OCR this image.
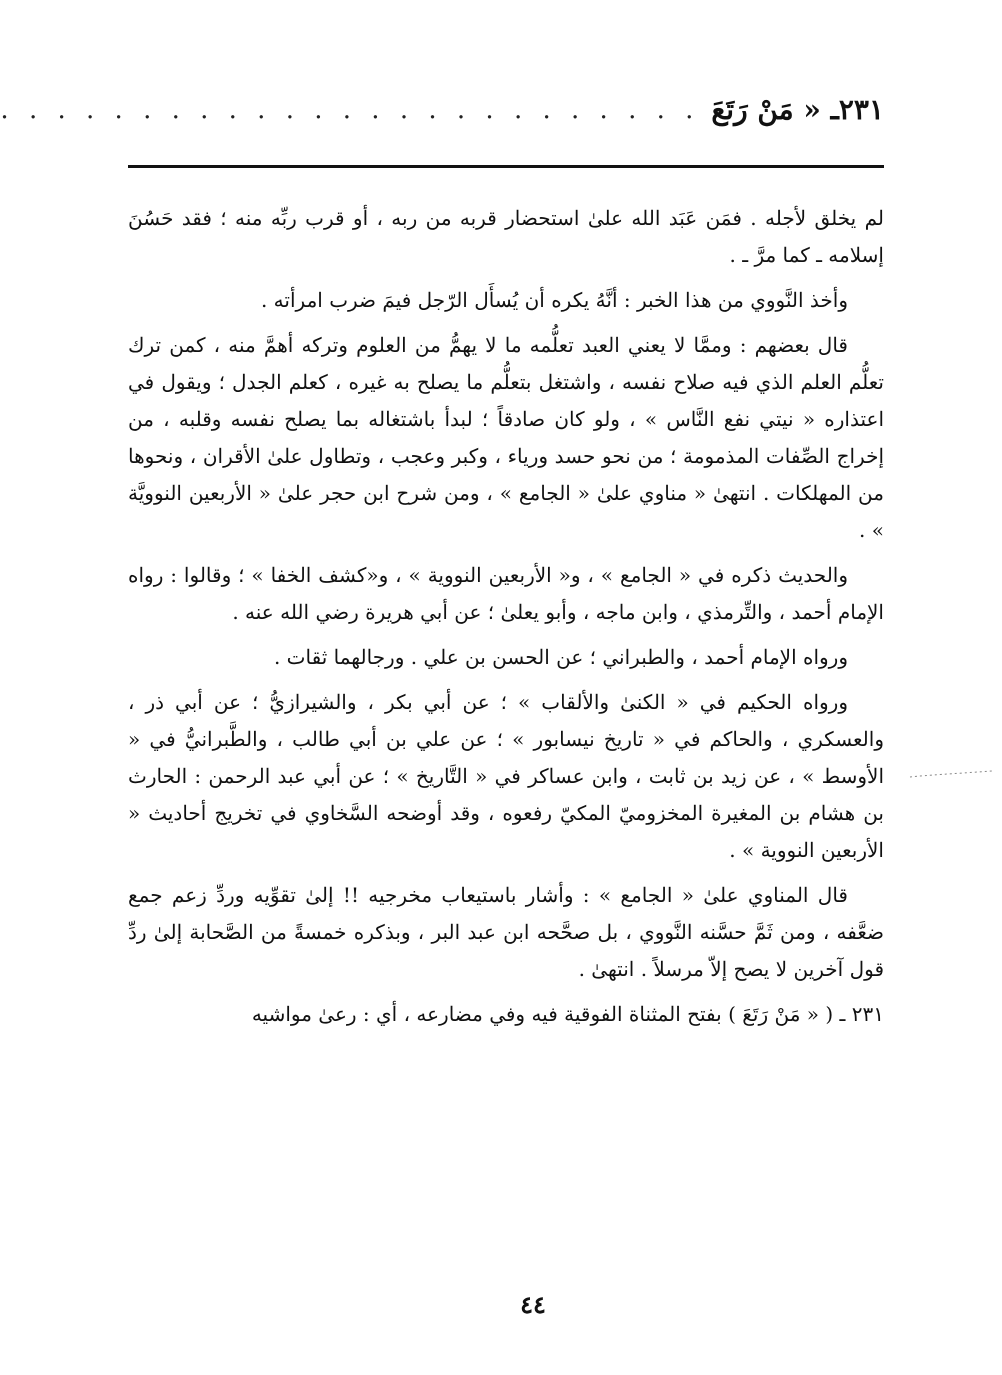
٢٣١ـ « مَنْ رَتَعَ
. . . . . . . . . . . . . . . . . . . . . . . . .

لم يخلق لأجله . فمَن عَبَد الله علىٰ استحضار قربه من ربه ، أو قرب ربِّه منه ؛ فقد حَسُنَ إسلامه ـ كما مرَّ ـ .

وأخذ النَّووي من هذا الخبر : أنَّهُ يكره أن يُسأَل الرّجل فيمَ ضرب امرأته .

قال بعضهم : وممَّا لا يعني العبد تعلُّمه ما لا يهمُّ من العلوم وتركه أهمَّ منه ، كمن ترك تعلُّم العلم الذي فيه صلاح نفسه ، واشتغل بتعلُّم ما يصلح به غيره ، كعلم الجدل ؛ ويقول في اعتذاره « نيتي نفع النَّاس » ، ولو كان صادقاً ؛ لبدأ باشتغاله بما يصلح نفسه وقلبه ، من إخراج الصِّفات المذمومة ؛ من نحو حسد ورياء ، وكبر وعجب ، وتطاول علىٰ الأقران ، ونحوها من المهلكات . انتهىٰ « مناوي علىٰ « الجامع » ، ومن شرح ابن حجر علىٰ « الأربعين النوويَّة » .

والحديث ذكره في « الجامع » ، و« الأربعين النووية » ، و«كشف الخفا » ؛ وقالوا : رواه الإمام أحمد ، والتِّرمذي ، وابن ماجه ، وأبو يعلىٰ ؛ عن أبي هريرة رضي الله عنه .

ورواه الإمام أحمد ، والطبراني ؛ عن الحسن بن علي . ورجالهما ثقات .

ورواه الحكيم في « الكنىٰ والألقاب » ؛ عن أبي بكر ، والشيرازيُّ ؛ عن أبي ذر ، والعسكري ، والحاكم في « تاريخ نيسابور » ؛ عن علي بن أبي طالب ، والطَّبرانيُّ في « الأوسط » ، عن زيد بن ثابت ، وابن عساكر في « التَّاريخ » ؛ عن أبي عبد الرحمن : الحارث بن هشام بن المغيرة المخزوميّ المكيّ رفعوه ، وقد أوضحه السَّخاوي في تخريج أحاديث « الأربعين النووية » .

قال المناوي علىٰ « الجامع » : وأشار باستيعاب مخرجيه !! إلىٰ تقوِّيه وردِّ زعم جمع ضعَّفه ، ومن ثَمَّ حسَّنه النَّووي ، بل صحَّحه ابن عبد البر ، وبذكره خمسةً من الصَّحابة إلىٰ ردِّ قول آخرين لا يصح إلاّ مرسلاً . انتهىٰ .

٢٣١ ـ ( « مَنْ رَتَعَ ) بفتح المثناة الفوقية فيه وفي مضارعه ، أي : رعىٰ مواشيه
٤٤
